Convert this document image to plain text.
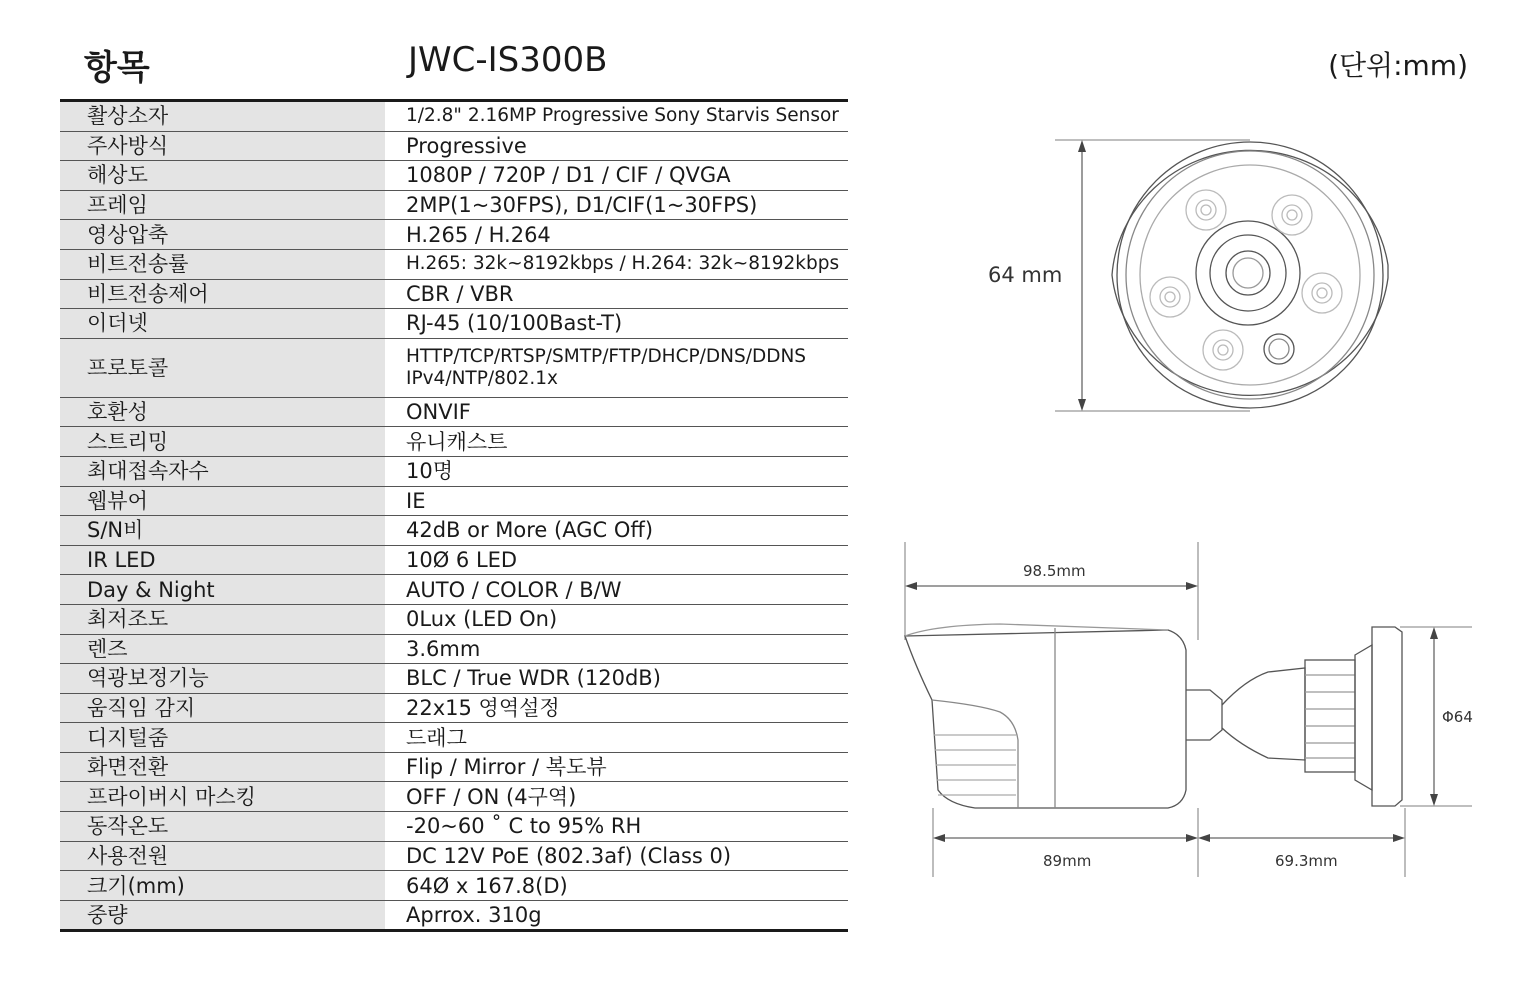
항목	JWC-IS300B	(단위:mm)
촬상소자	1/2.8" 2.16MP Progressive Sony Starvis Sensor
주사방식	Progressive
해상도	1080P / 720P / D1 / CIF / QVGA
프레임	2MP(1~30FPS), D1/CIF(1~30FPS)
영상압축	H.265 / H.264
비트전송률	H.265: 32k~8192kbps / H.264: 32k~8192kbps
비트전송제어	CBR / VBR
이더넷	RJ-45 (10/100Bast-T)
프로토콜	HTTP/TCP/RTSP/SMTP/FTP/DHCP/DNS/DDNS
IPv4/NTP/802.1x

호환성	ONVIF
스트리밍	유니캐스트
최대접속자수	10명
웹뷰어	IE
S/N비	42dB or More (AGC Off)
IR LED	10Ø 6 LED
Day & Night	AUTO / COLOR / B/W
최저조도	0Lux (LED On)
렌즈	3.6mm
역광보정기능	BLC / True WDR (120dB)
움직임 감지	22x15 영역설정
디지털줌	드래그
화면전환	Flip / Mirror / 복도뷰
프라이버시 마스킹	OFF / ON (4구역)
동작온도	-20~60 ˚ C to 95% RH
사용전원	DC 12V PoE (802.3af) (Class 0)
크기(mm)	64Ø x 167.8(D)
중량	Aprrox. 310g
64 mm
98.5mm
89mm	69.3mm
Φ64
